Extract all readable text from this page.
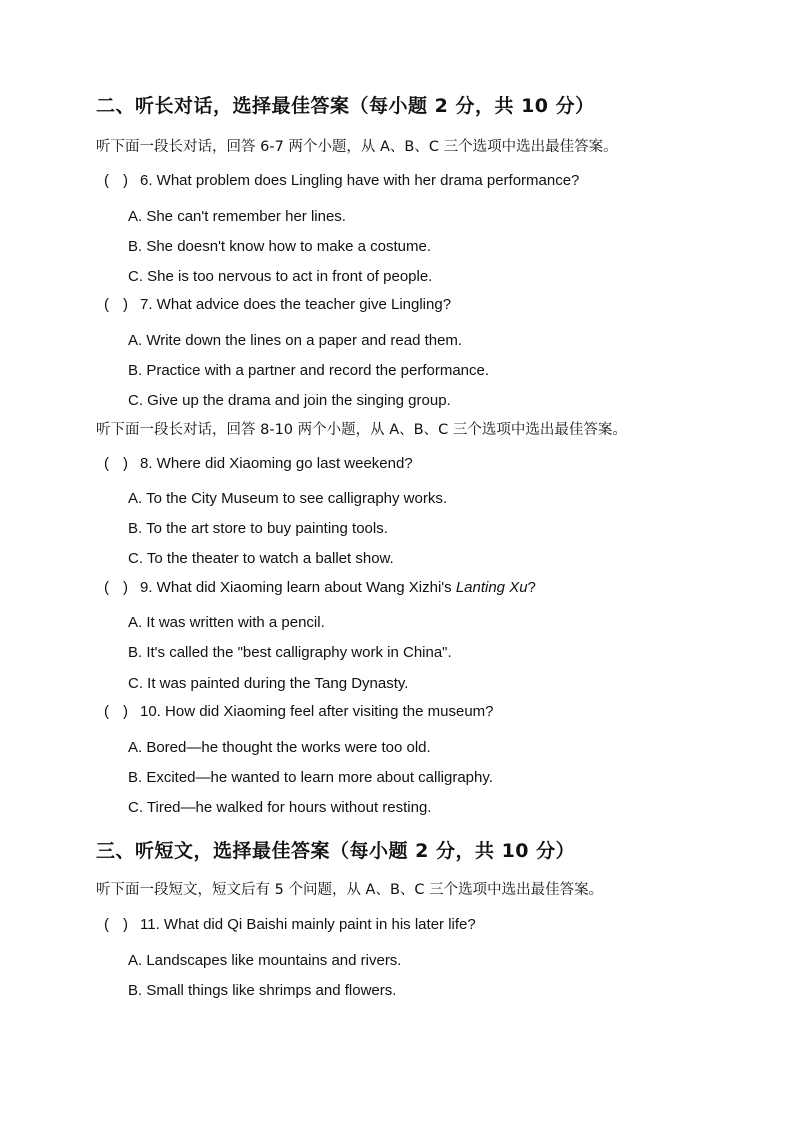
二、听长对话，选择最佳答案（每小题 2 分，共 10 分）
听下面一段长对话，回答 6-7 两个小题，从 A、B、C 三个选项中选出最佳答案。
( ) 6. What problem does Lingling have with her drama performance?
A. She can't remember her lines.
B. She doesn't know how to make a costume.
C. She is too nervous to act in front of people.
( ) 7. What advice does the teacher give Lingling?
A. Write down the lines on a paper and read them.
B. Practice with a partner and record the performance.
C. Give up the drama and join the singing group.
听下面一段长对话，回答 8-10 两个小题，从 A、B、C 三个选项中选出最佳答案。
( ) 8. Where did Xiaoming go last weekend?
A. To the City Museum to see calligraphy works.
B. To the art store to buy painting tools.
C. To the theater to watch a ballet show.
( ) 9. What did Xiaoming learn about Wang Xizhi's Lanting Xu?
A. It was written with a pencil.
B. It's called the "best calligraphy work in China".
C. It was painted during the Tang Dynasty.
( ) 10. How did Xiaoming feel after visiting the museum?
A. Bored—he thought the works were too old.
B. Excited—he wanted to learn more about calligraphy.
C. Tired—he walked for hours without resting.
三、听短文，选择最佳答案（每小题 2 分，共 10 分）
听下面一段短文，短文后有 5 个问题，从 A、B、C 三个选项中选出最佳答案。
( ) 11. What did Qi Baishi mainly paint in his later life?
A. Landscapes like mountains and rivers.
B. Small things like shrimps and flowers.
